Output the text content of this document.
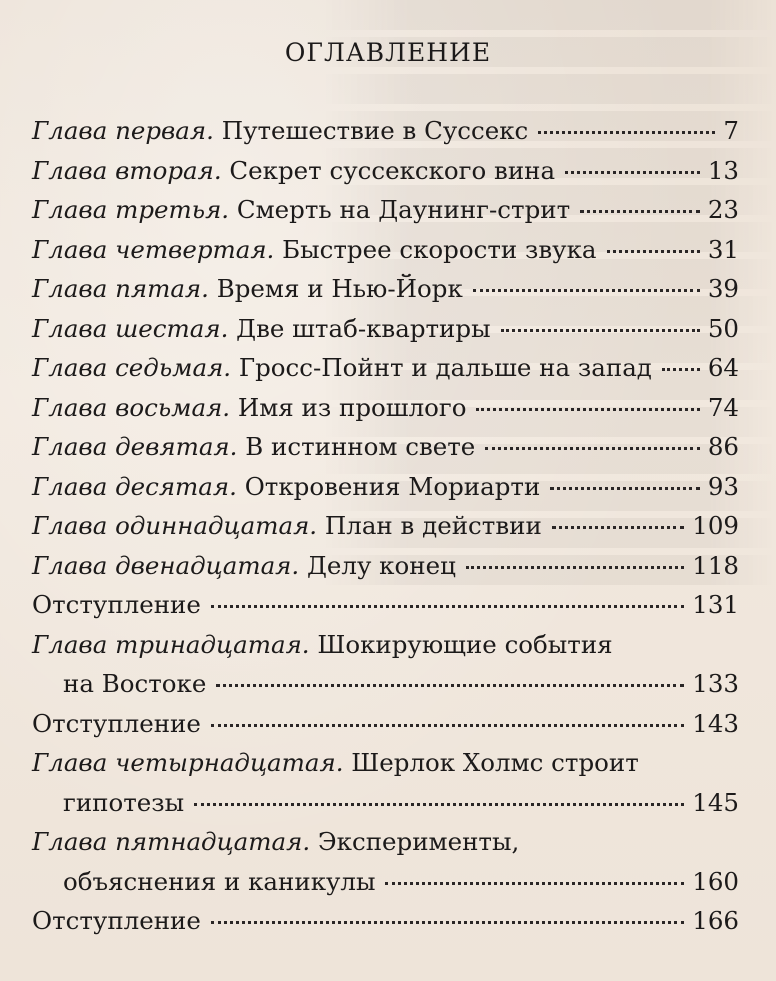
ОГЛАВЛЕНИЕ
Глава первая. Путешествие в Суссекс	7
Глава вторая. Секрет суссекского вина	13
Глава третья. Смерть на Даунинг-стрит	23
Глава четвертая. Быстрее скорости звука	31
Глава пятая. Время и Нью-Йорк	39
Глава шестая. Две штаб-квартиры	50
Глава седьмая. Гросс-Пойнт и дальше на запад 64
Глава восьмая. Имя из прошлого	74
Глава девятая. В истинном свете	86
Глава десятая. Откровения Мориарти	93
Глава одиннадцатая. План в действии	109
Глава двенадцатая. Делу конец	118
Отступление	131
Глава тринадцатая. Шокирующие события
на Востоке	133
Отступление	143
Глава четырнадцатая. Шерлок Холмс строит
гипотезы	145
Глава пятнадцатая. Эксперименты,
объяснения и каникулы	160
Отступление	166
